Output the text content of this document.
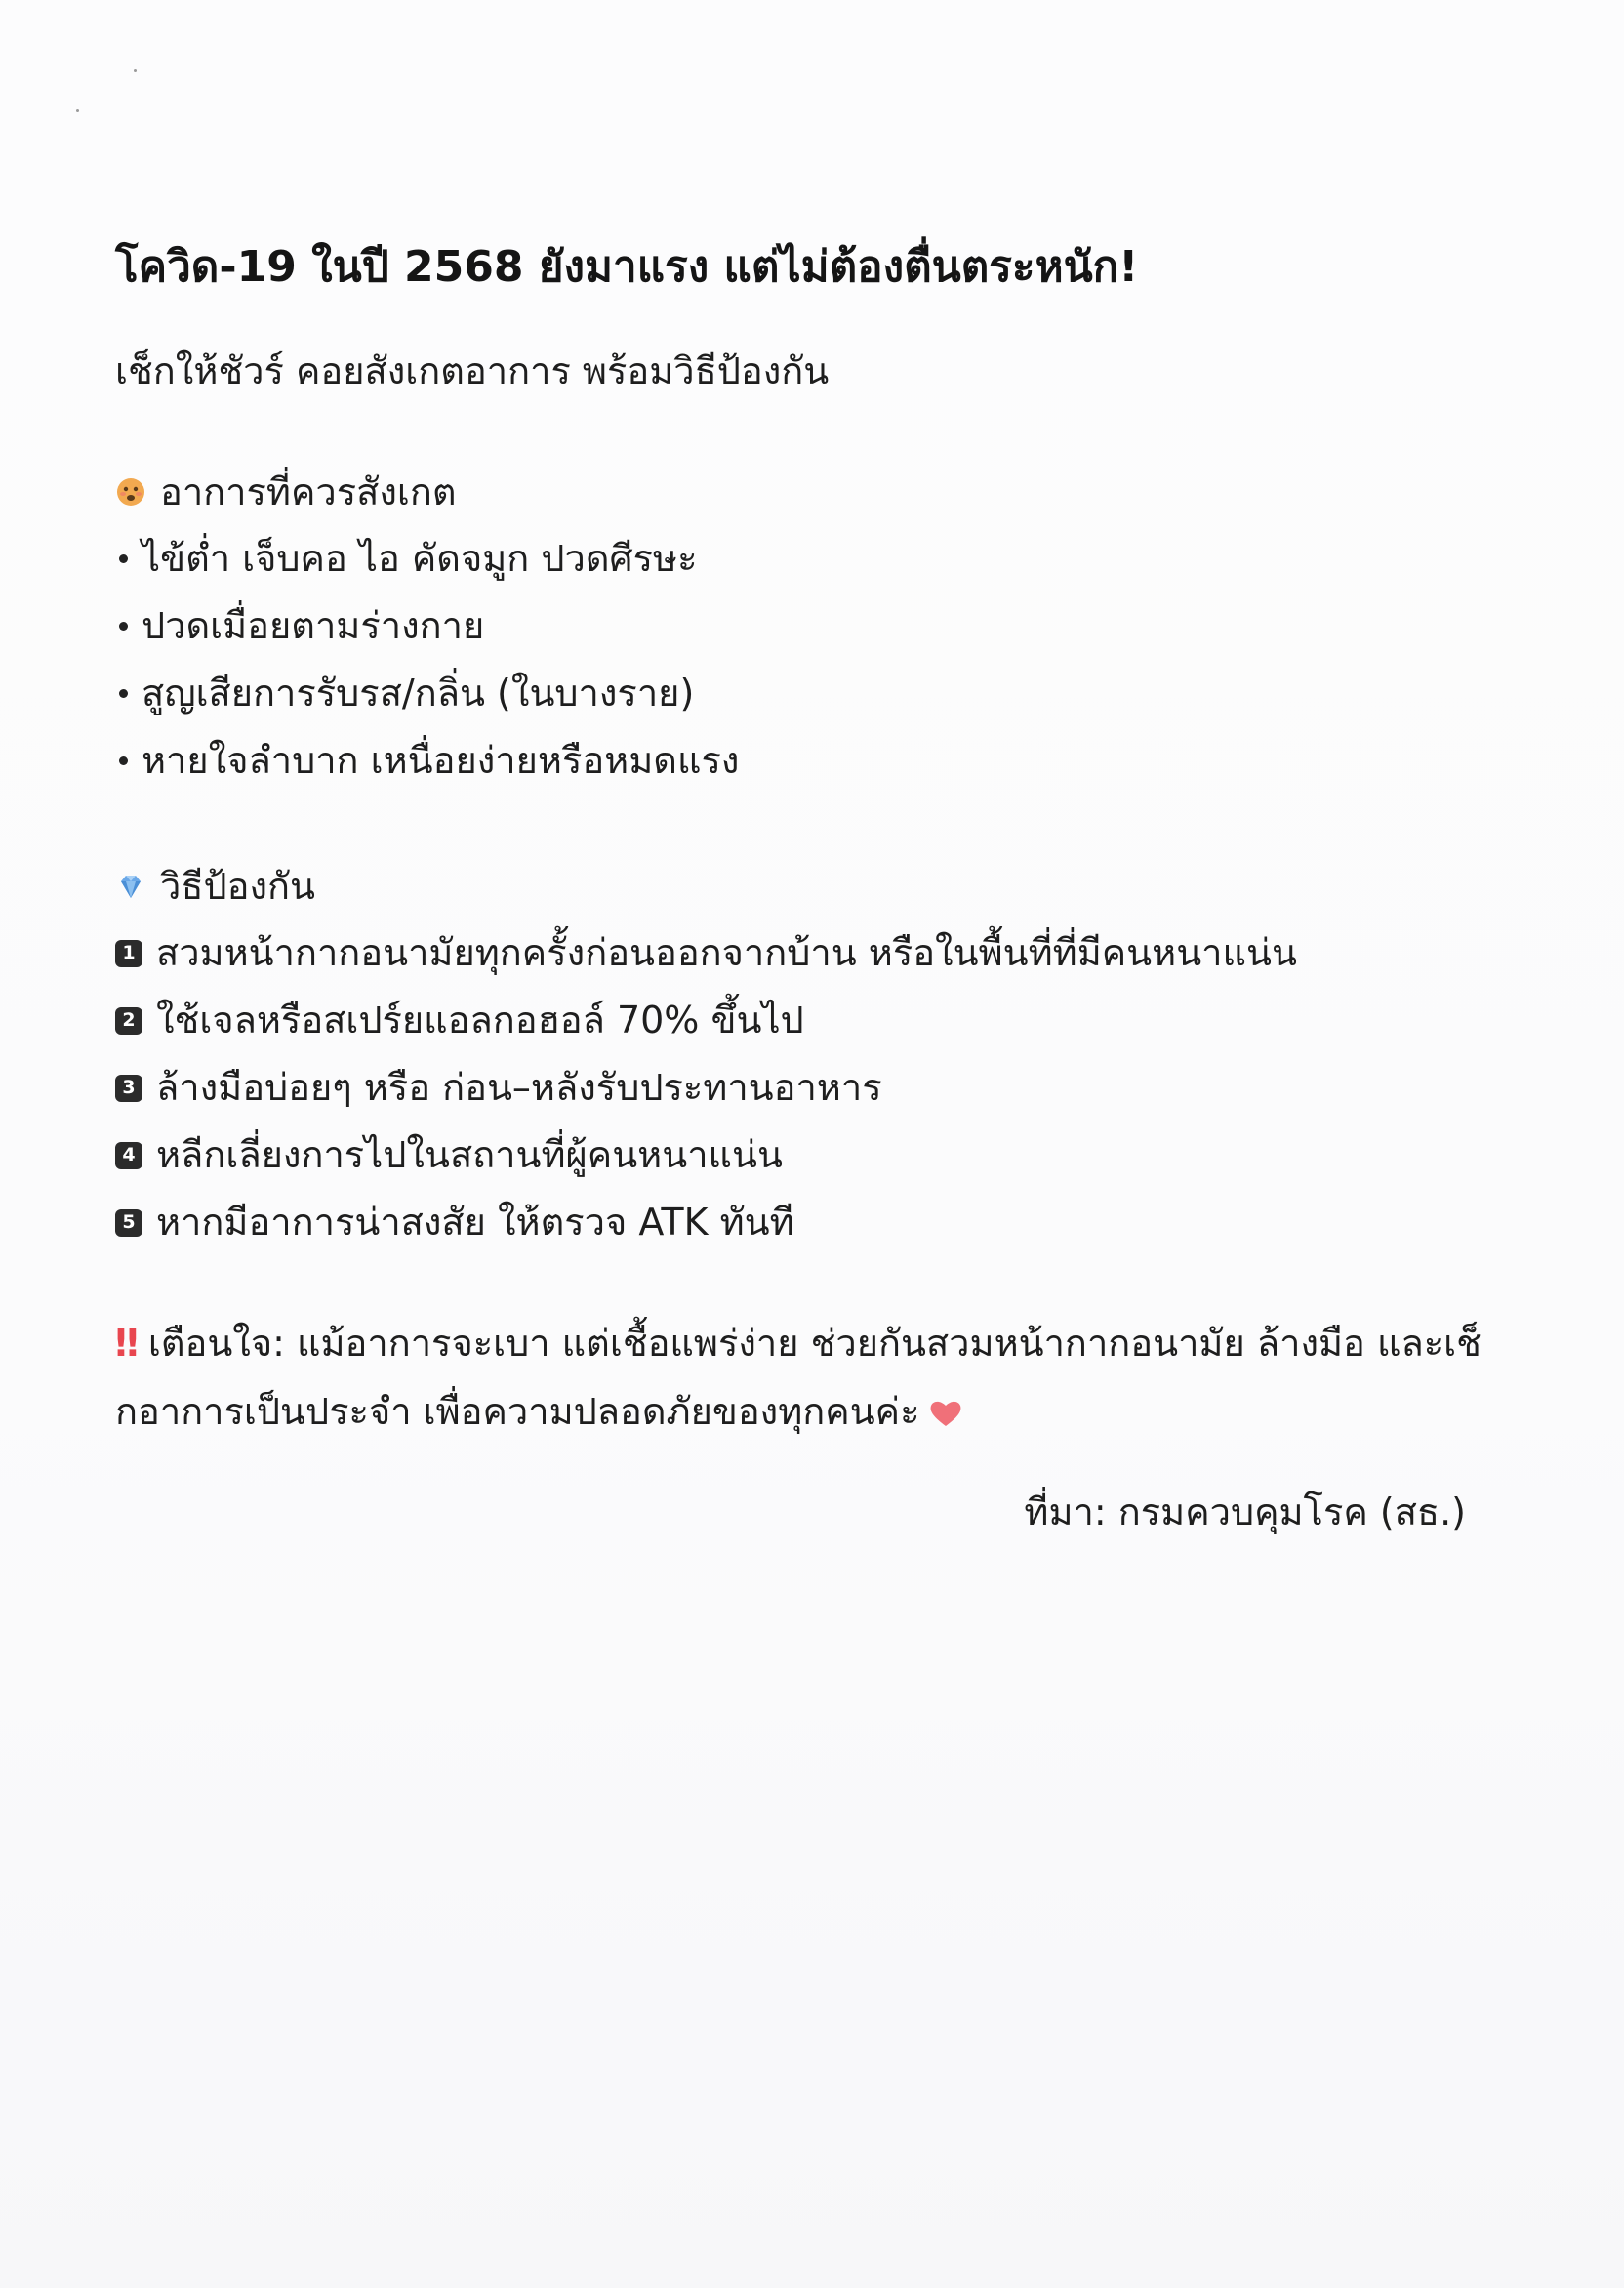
โควิด-19 ในปี 2568 ยังมาแรง แต่ไม่ต้องตื่นตระหนัก!
เช็กให้ชัวร์ คอยสังเกตอาการ พร้อมวิธีป้องกัน
อาการที่ควรสังเกต
ไข้ต่ำ เจ็บคอ ไอ คัดจมูก ปวดศีรษะ
ปวดเมื่อยตามร่างกาย
สูญเสียการรับรส/กลิ่น (ในบางราย)
หายใจลำบาก เหนื่อยง่ายหรือหมดแรง
วิธีป้องกัน
1 สวมหน้ากากอนามัยทุกครั้งก่อนออกจากบ้าน หรือในพื้นที่ที่มีคนหนาแน่น
2 ใช้เจลหรือสเปร์ยแอลกอฮอล์ 70% ขึ้นไป
3 ล้างมือบ่อยๆ หรือ ก่อน–หลังรับประทานอาหาร
4 หลีกเลี่ยงการไปในสถานที่ผู้คนหนาแน่น
5 หากมีอาการน่าสงสัย ให้ตรวจ ATK ทันที
‼ เตือนใจ: แม้อาการจะเบา แต่เชื้อแพร่ง่าย ช่วยกันสวมหน้ากากอนามัย ล้างมือ และเช็กอาการเป็นประจำ เพื่อความปลอดภัยของทุกคนค่ะ
ที่มา: กรมควบคุมโรค (สธ.)
